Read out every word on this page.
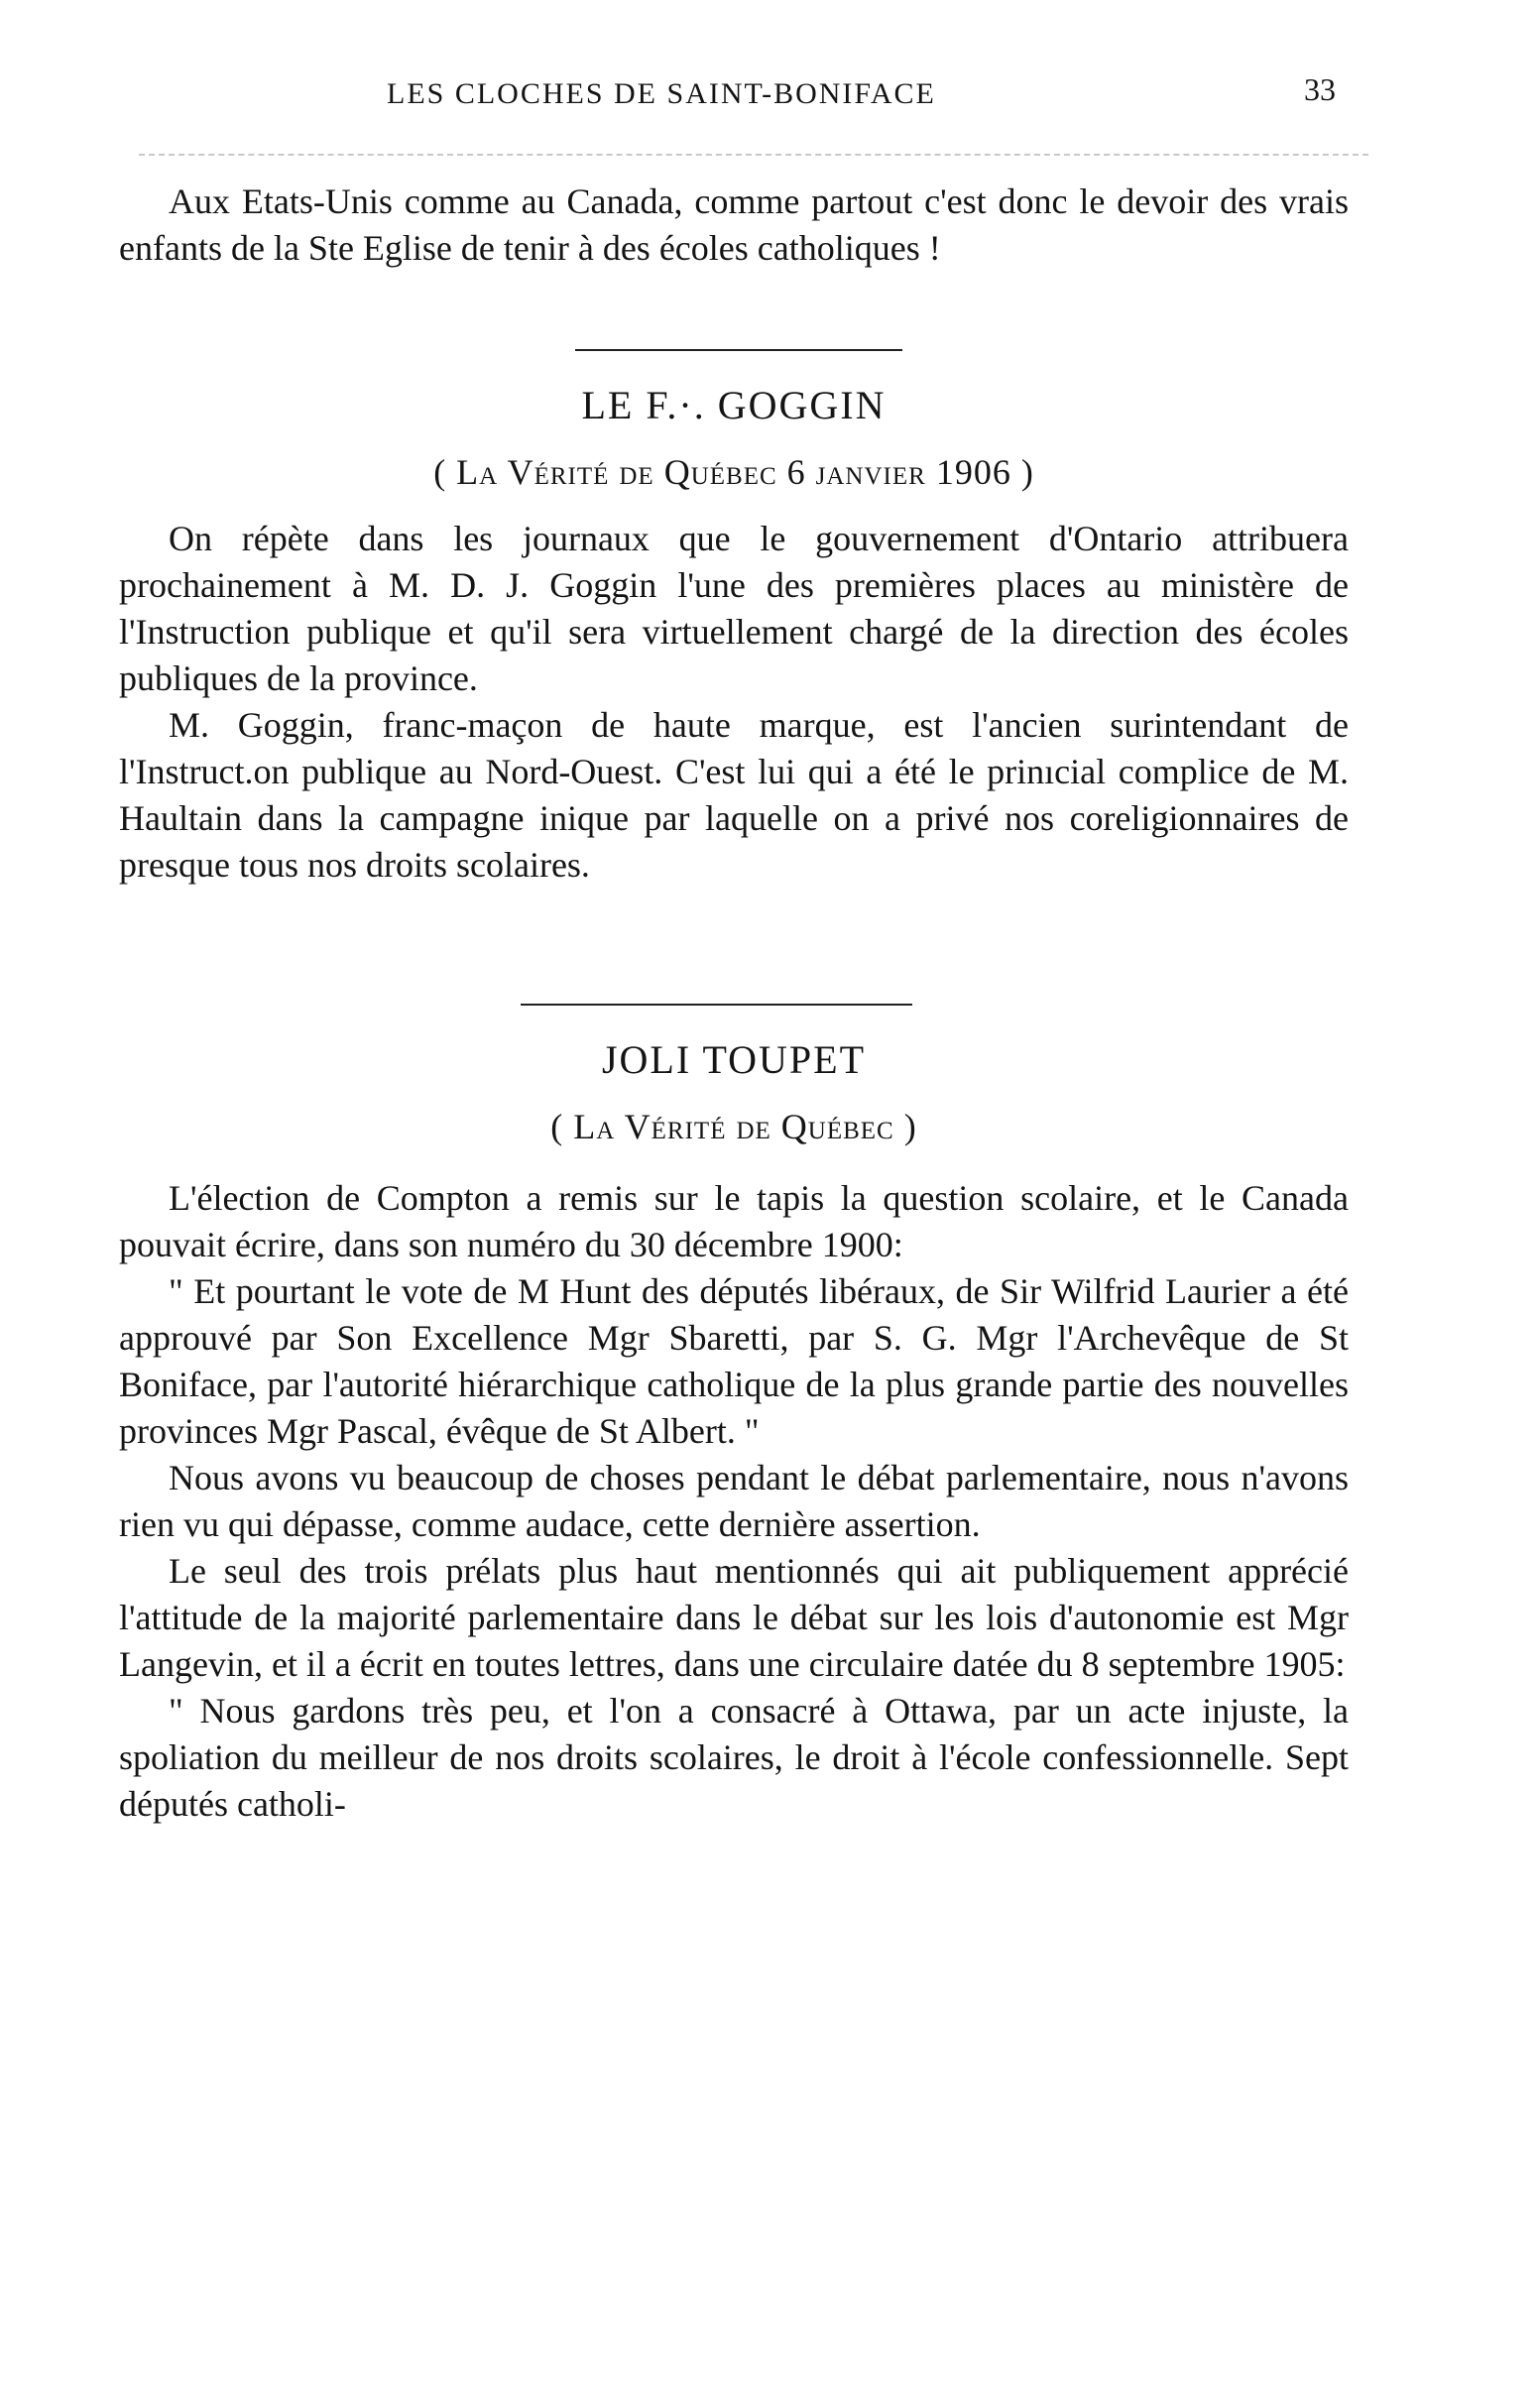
LES CLOCHES DE SAINT-BONIFACE	33

Aux Etats-Unis comme au Canada, comme partout c'est donc le devoir des vrais enfants de la Ste Eglise de tenir à des écoles catholiques !

LE F.·. GOGGIN
( La Vérité de Québec 6 janvier 1906 )

On répète dans les journaux que le gouvernement d'Ontario attribuera prochainement à M. D. J. Goggin l'une des premières places au ministère de l'Instruction publique et qu'il sera virtuellement chargé de la direction des écoles publiques de la province.

M. Goggin, franc-maçon de haute marque, est l'ancien surintendant de l'Instruct.on publique au Nord-Ouest. C'est lui qui a été le prinıcial complice de M. Haultain dans la campagne inique par laquelle on a privé nos coreligionnaires de presque tous nos droits scolaires.

JOLI TOUPET
( La Vérité de Québec )

L'élection de Compton a remis sur le tapis la question scolaire, et le Canada pouvait écrire, dans son numéro du 30 décembre 1900:

" Et pourtant le vote de M Hunt des députés libéraux, de Sir Wilfrid Laurier a été approuvé par Son Excellence Mgr Sbaretti, par S. G. Mgr l'Archevêque de St Boniface, par l'autorité hiérarchique catholique de la plus grande partie des nouvelles provinces Mgr Pascal, évêque de St Albert. "

Nous avons vu beaucoup de choses pendant le débat parlementaire, nous n'avons rien vu qui dépasse, comme audace, cette dernière assertion.

Le seul des trois prélats plus haut mentionnés qui ait publiquement apprécié l'attitude de la majorité parlementaire dans le débat sur les lois d'autonomie est Mgr Langevin, et il a écrit en toutes lettres, dans une circulaire datée du 8 septembre 1905:

" Nous gardons très peu, et l'on a consacré à Ottawa, par un acte injuste, la spoliation du meilleur de nos droits scolaires, le droit à l'école confessionnelle. Sept députés catholi-
